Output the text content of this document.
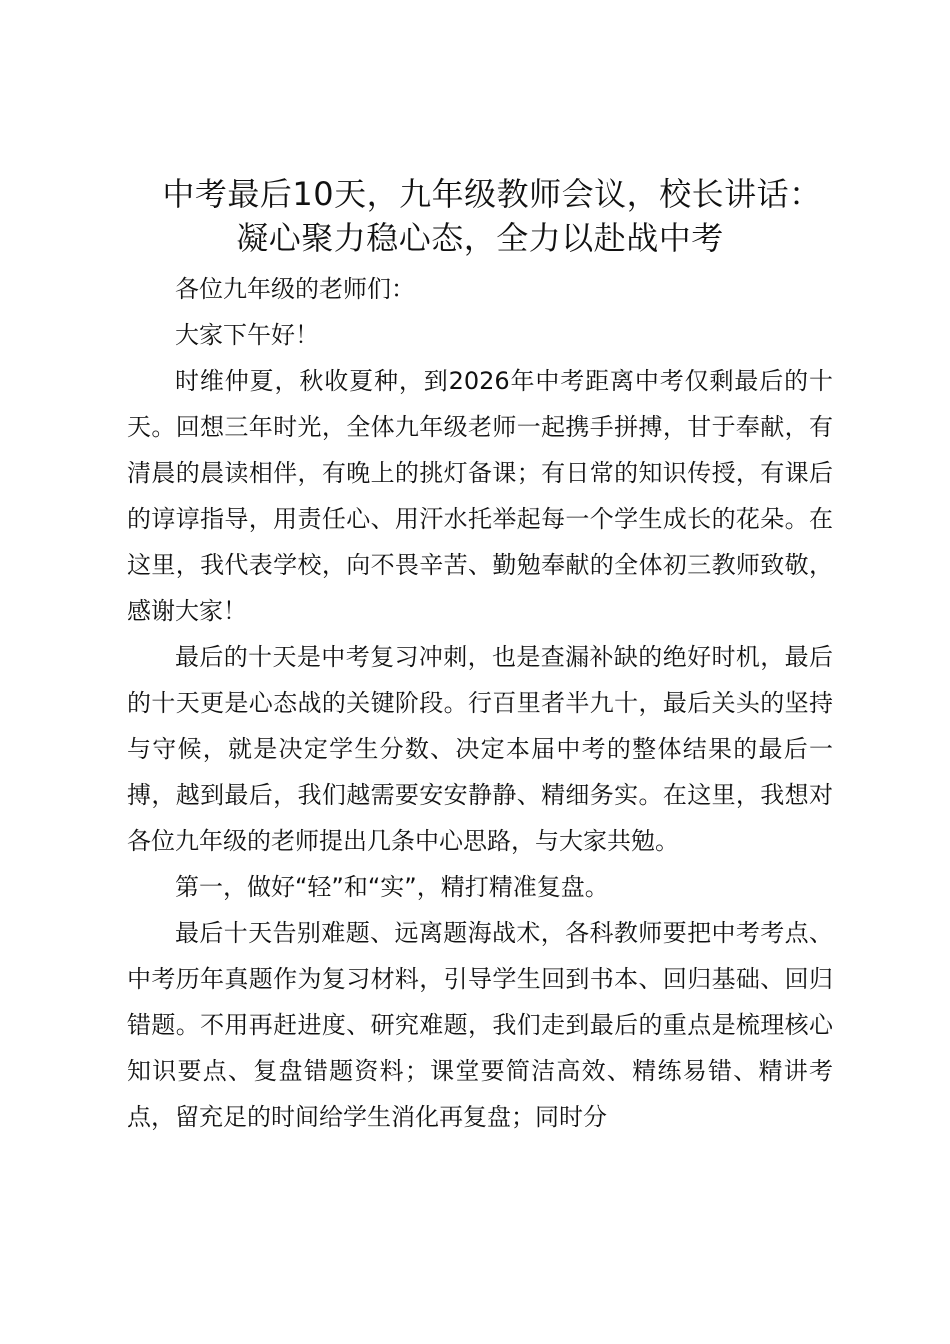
中考最后10天，九年级教师会议，校长讲话：
凝心聚力稳心态，全力以赴战中考

各位九年级的老师们：

大家下午好！

时维仲夏，秋收夏种，到2026年中考距离中考仅剩最后的十天。回想三年时光，全体九年级老师一起携手拼搏，甘于奉献，有清晨的晨读相伴，有晚上的挑灯备课；有日常的知识传授，有课后的谆谆指导，用责任心、用汗水托举起每一个学生成长的花朵。在这里，我代表学校，向不畏辛苦、勤勉奉献的全体初三教师致敬，感谢大家！

最后的十天是中考复习冲刺，也是查漏补缺的绝好时机，最后的十天更是心态战的关键阶段。行百里者半九十，最后关头的坚持与守候，就是决定学生分数、决定本届中考的整体结果的最后一搏，越到最后，我们越需要安安静静、精细务实。在这里，我想对各位九年级的老师提出几条中心思路，与大家共勉。

第一，做好“轻”和“实”，精打精准复盘。

最后十天告别难题、远离题海战术，各科教师要把中考考点、中考历年真题作为复习材料，引导学生回到书本、回归基础、回归错题。不用再赶进度、研究难题，我们走到最后的重点是梳理核心知识要点、复盘错题资料；课堂要简洁高效、精练易错、精讲考点，留充足的时间给学生消化再复盘；同时分
